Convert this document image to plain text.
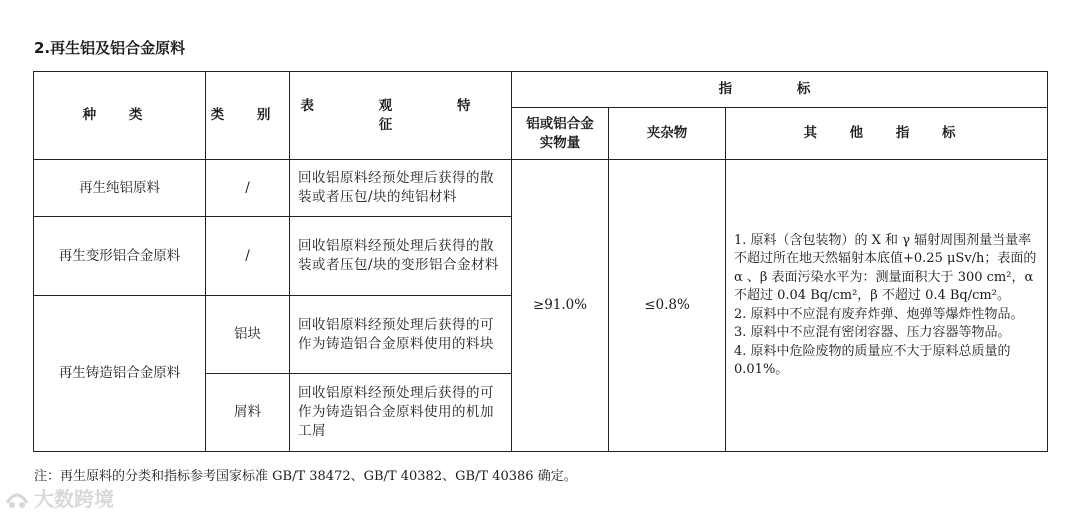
2.再生铝及铝合金原料
种 类	类 别	表 观 特 征	指 标		
			铝或铝合金实物量	夹杂物	其 他 指 标
再生纯铝原料	/	回收铝原料经预处理后获得的散装或者压包/块的纯铝材料	≥91.0%	≤0.8%	1. 原料（含包装物）的 X 和 γ 辐射周围剂量当量率不超过所在地天然辐射本底值+0.25 μSv/h；表面的 α 、β 表面污染水平为：测量面积大于 300 cm²，α 不超过 0.04 Bq/cm²，β 不超过 0.4 Bq/cm²。
2. 原料中不应混有废弃炸弹、炮弹等爆炸性物品。
3. 原料中不应混有密闭容器、压力容器等物品。
4. 原料中危险废物的质量应不大于原料总质量的 0.01%。

再生变形铝合金原料	/	回收铝原料经预处理后获得的散装或者压包/块的变形铝合金材料			
再生铸造铝合金原料	铝块	回收铝原料经预处理后获得的可作为铸造铝合金原料使用的料块			
	屑料	回收铝原料经预处理后获得的可作为铸造铝合金原料使用的机加工屑			
注：再生原料的分类和指标参考国家标准 GB/T 38472、GB/T 40382、GB/T 40386 确定。
大数跨境
